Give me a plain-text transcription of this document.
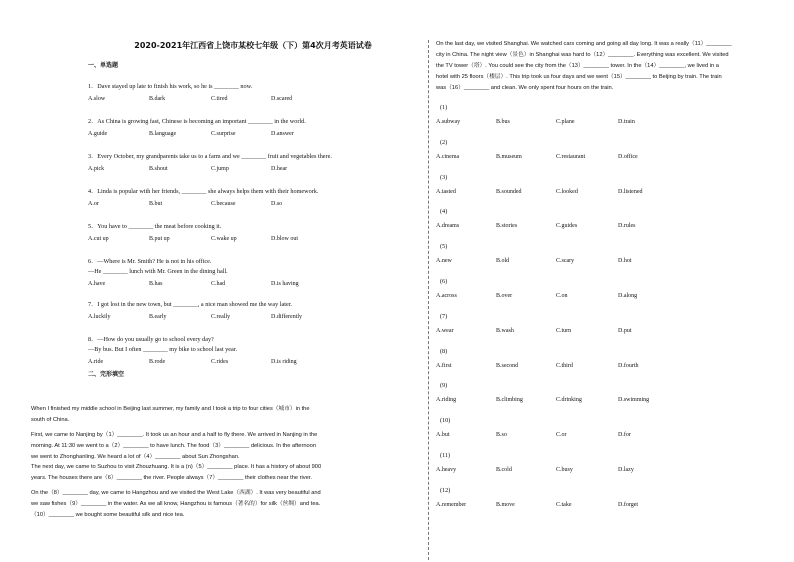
2020-2021年江西省上饶市某校七年级（下）第4次月考英语试卷
一、单选题
1．Dave stayed up late to finish his work, so he is ________ now.
A.slow	B.dark	C.tired	D.scared
2．As China is growing fast, Chinese is becoming an important ________ in the world.
A.guide	B.language	C.surprise	D.answer
3．Every October, my grandparents take us to a farm and we ________ fruit and vegetables there.
A.pick	B.shout	C.jump	D.hear
4．Linda is popular with her friends, ________ she always helps them with their homework.
A.or	B.but	C.because	D.so
5．You have to ________ the meat before cooking it.
A.cut up	B.put up	C.wake up	D.blow out
6．—Where is Mr. Smith? He is not in his office.
—He ________ lunch with Mr. Green in the dining hall.
A.have	B.has	C.had	D.is having
7．I got lost in the new town, but ________, a nice man showed me the way later.
A.luckily	B.early	C.really	D.differently
8．—How do you usually go to school every day?
—By bus. But I often ________ my bike to school last year.
A.ride	B.rode	C.rides	D.is riding
二、完形填空
When I finished my middle school in Beijing last summer, my family and I took a trip to four cities（城市）in the
south of China.
First, we came to Nanjing by（1）________. It took us an hour and a half to fly there. We arrived in Nanjing in the
morning. At 11:30 we went to a（2）________ to have lunch. The food（3）________ delicious. In the afternoon
we went to Zhonghanling. We heard a lot of（4）________ about Sun Zhongshan.
The next day, we came to Suzhou to visit Zhouzhuang. It is a (n)（5）________ place. It has a history of about 900
years. The houses there are（6）________ the river. People always（7）________ their clothes near the river.
On the（8）________ day, we came to Hangzhou and we visited the West Lake（西湖）. It was very beautiful and
we saw fishes（9）________ in the water. As we all know, Hangzhou is famous（著名的）for silk（丝绸）and tea.
（10）________ we bought some beautiful silk and nice tea.
On the last day, we visited Shanghai. We watched cars coming and going all day long. It was a really（11）________
city in China. The night view（景色）in Shanghai was hard to（12）________. Everything was excellent. We visited
the TV tower（塔）. You could see the city from the（13）________ tower. In the（14）________, we lived in a
hotel with 25 floors（楼层）. This trip took us four days and we went（15）________ to Beijing by train. The train
was（16）________ and clean. We only spent four hours on the train.
(1)
A.subway	B.bus	C.plane	D.train
(2)
A.cinema	B.museum	C.restaurant	D.office
(3)
A.tasted	B.sounded	C.looked	D.listened
(4)
A.dreams	B.stories	C.guides	D.rules
(5)
A.new	B.old	C.scary	D.hot
(6)
A.across	B.over	C.on	D.along
(7)
A.wear	B.wash	C.turn	D.put
(8)
A.first	B.second	C.third	D.fourth
(9)
A.riding	B.climbing	C.drinking	D.swimming
(10)
A.but	B.so	C.or	D.for
(11)
A.heavy	B.cold	C.busy	D.lazy
(12)
A.remember	B.move	C.take	D.forget
